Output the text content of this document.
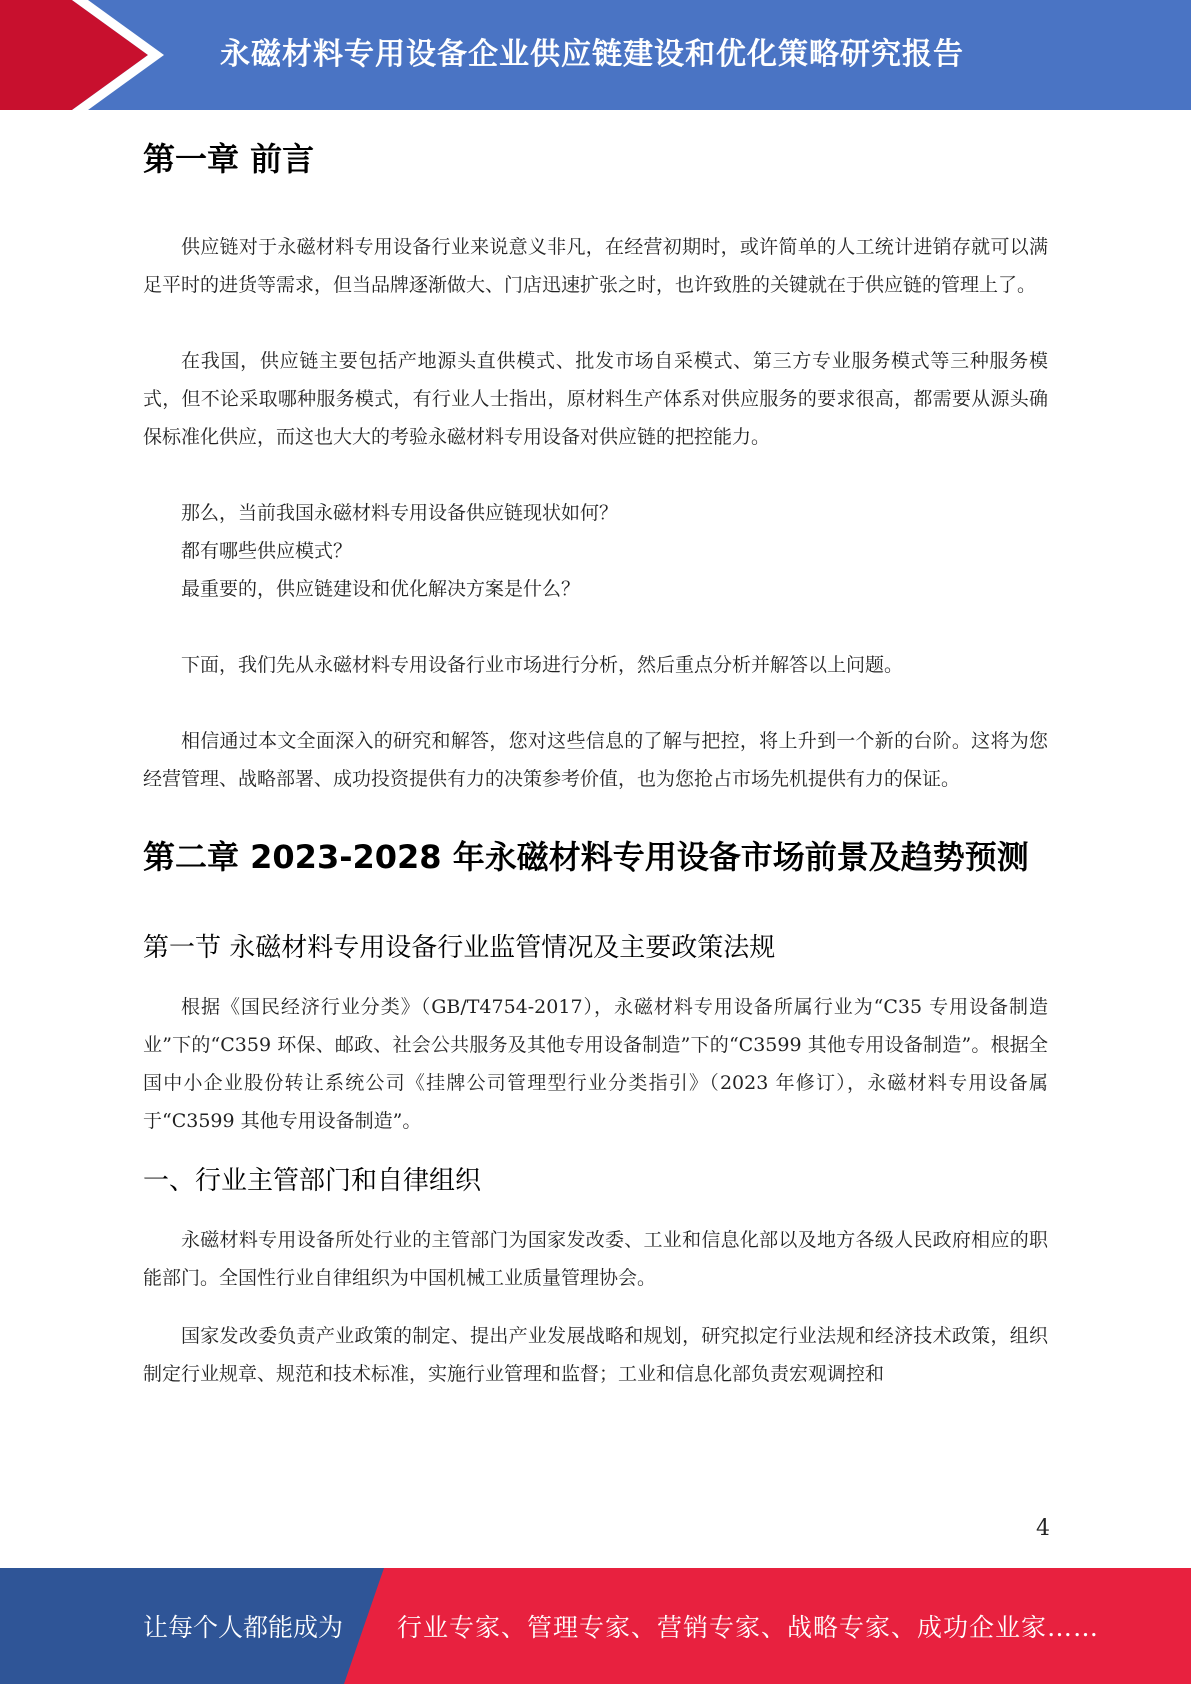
永磁材料专用设备企业供应链建设和优化策略研究报告
第一章 前言

供应链对于永磁材料专用设备行业来说意义非凡，在经营初期时，或许简单的人工统计进销存就可以满足平时的进货等需求，但当品牌逐渐做大、门店迅速扩张之时，也许致胜的关键就在于供应链的管理上了。

在我国，供应链主要包括产地源头直供模式、批发市场自采模式、第三方专业服务模式等三种服务模式，但不论采取哪种服务模式，有行业人士指出，原材料生产体系对供应服务的要求很高，都需要从源头确保标准化供应，而这也大大的考验永磁材料专用设备对供应链的把控能力。

那么，当前我国永磁材料专用设备供应链现状如何？

都有哪些供应模式？

最重要的，供应链建设和优化解决方案是什么？

下面，我们先从永磁材料专用设备行业市场进行分析，然后重点分析并解答以上问题。

相信通过本文全面深入的研究和解答，您对这些信息的了解与把控，将上升到一个新的台阶。这将为您经营管理、战略部署、成功投资提供有力的决策参考价值，也为您抢占市场先机提供有力的保证。

第二章 2023-2028 年永磁材料专用设备市场前景及趋势预测
第一节 永磁材料专用设备行业监管情况及主要政策法规

根据《国民经济行业分类》（GB/T4754-2017），永磁材料专用设备所属行业为“C35 专用设备制造业”下的“C359 环保、邮政、社会公共服务及其他专用设备制造”下的“C3599 其他专用设备制造”。根据全国中小企业股份转让系统公司《挂牌公司管理型行业分类指引》（2023 年修订），永磁材料专用设备属于“C3599 其他专用设备制造”。

一、行业主管部门和自律组织

永磁材料专用设备所处行业的主管部门为国家发改委、工业和信息化部以及地方各级人民政府相应的职能部门。全国性行业自律组织为中国机械工业质量管理协会。

国家发改委负责产业政策的制定、提出产业发展战略和规划，研究拟定行业法规和经济技术政策，组织制定行业规章、规范和技术标准，实施行业管理和监督；工业和信息化部负责宏观调控和

4
让每个人都能成为 行业专家、管理专家、营销专家、战略专家、成功企业家……
